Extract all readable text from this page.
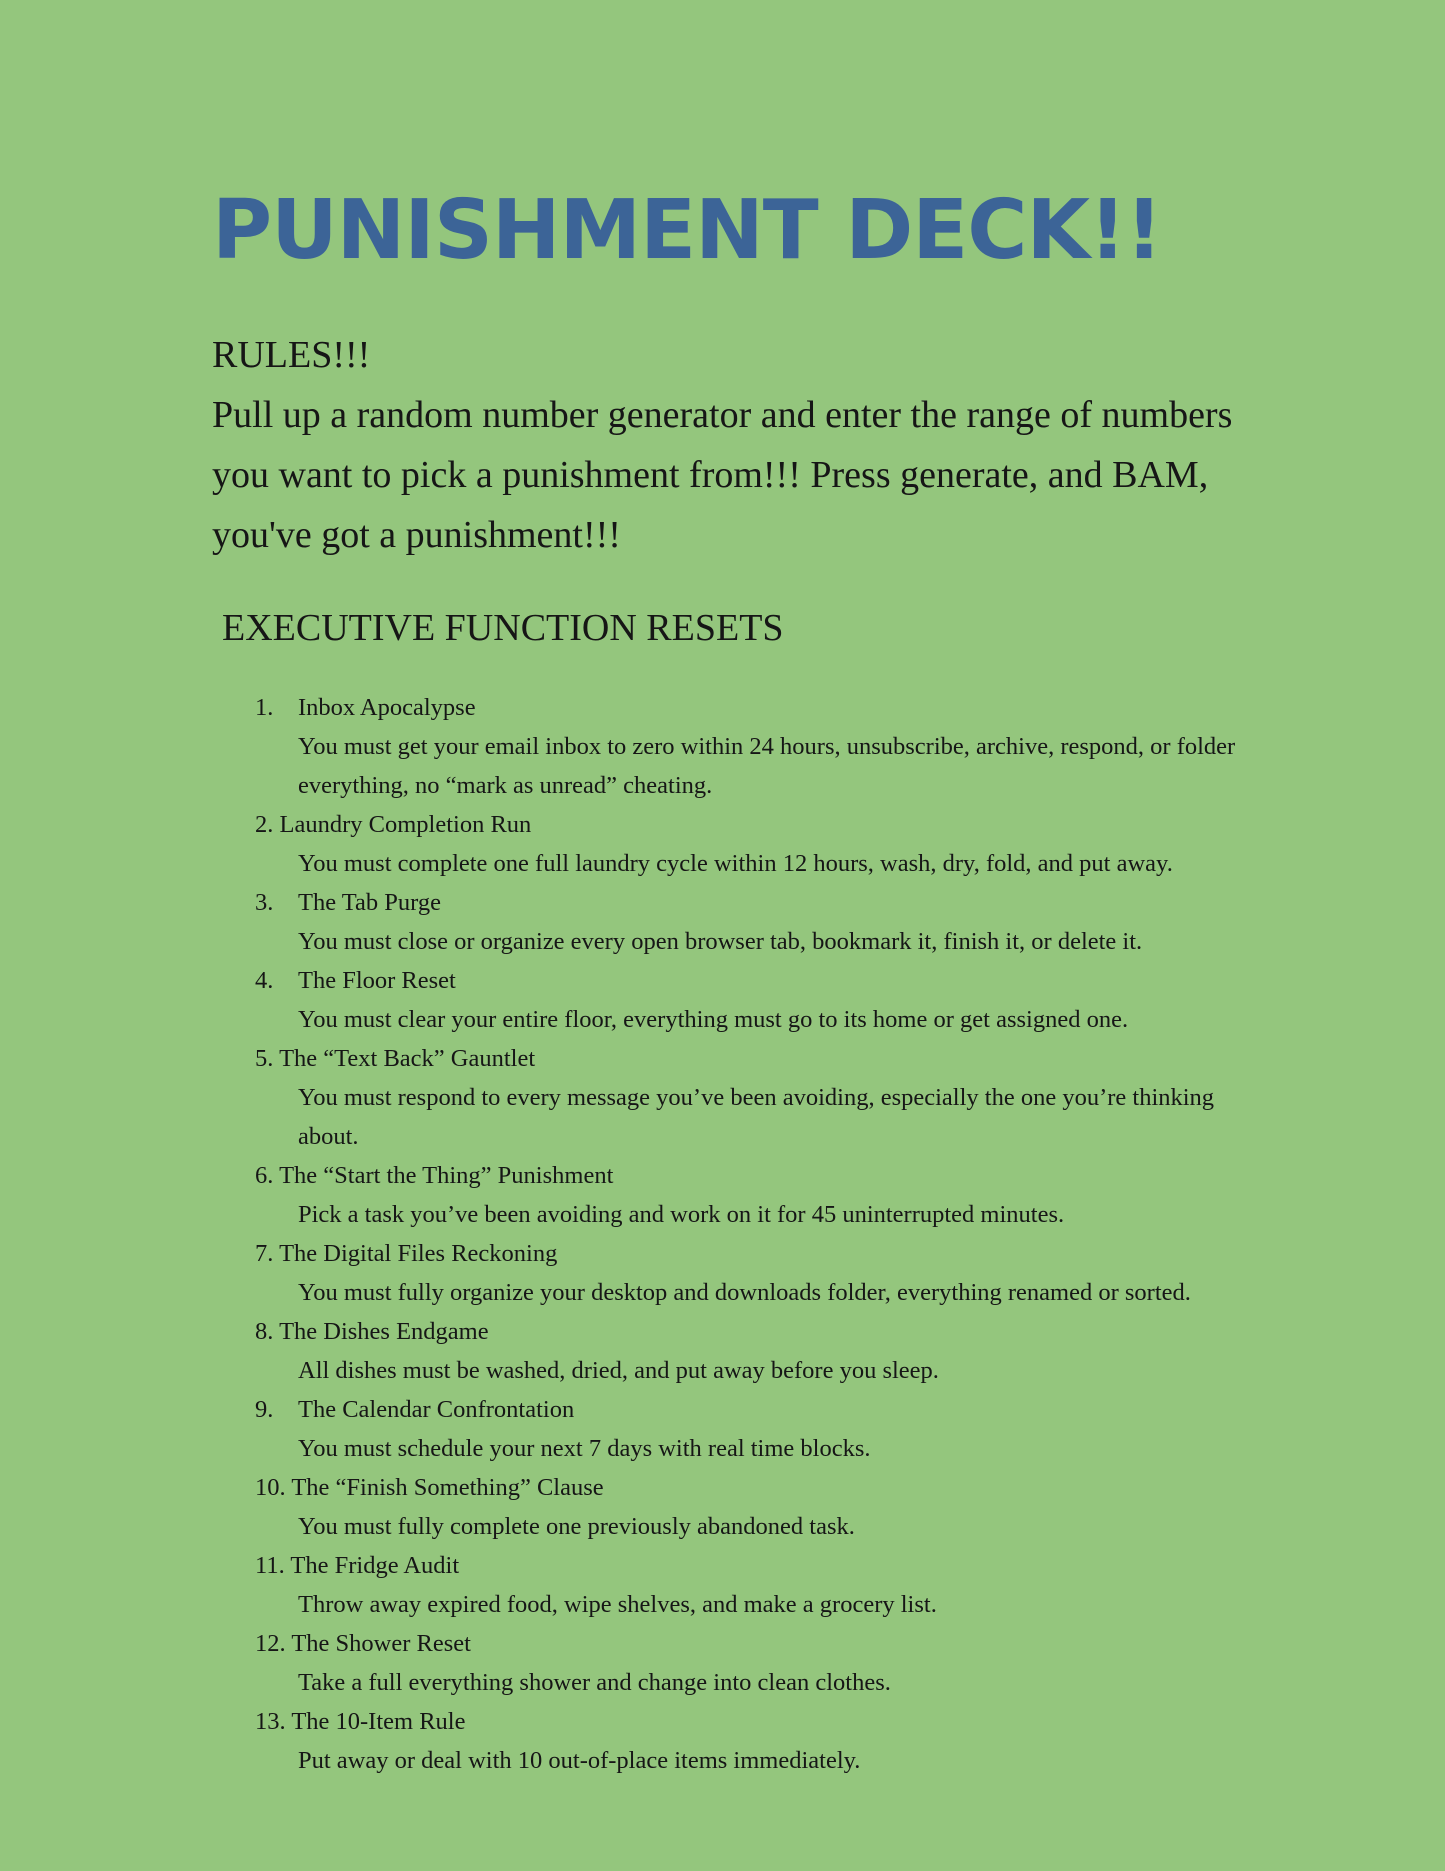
PUNISHMENT DECK!!

RULES!!!

Pull up a random number generator and enter the range of numbers you want to pick a punishment from!!! Press generate, and BAM, you've got a punishment!!!

EXECUTIVE FUNCTION RESETS
1. Inbox Apocalypse
You must get your email inbox to zero within 24 hours, unsubscribe, archive, respond, or folder everything, no “mark as unread” cheating.
2. Laundry Completion Run
You must complete one full laundry cycle within 12 hours, wash, dry, fold, and put away.
3. The Tab Purge
You must close or organize every open browser tab, bookmark it, finish it, or delete it.
4. The Floor Reset
You must clear your entire floor, everything must go to its home or get assigned one.
5. The “Text Back” Gauntlet
You must respond to every message you’ve been avoiding, especially the one you’re thinking about.
6. The “Start the Thing” Punishment
Pick a task you’ve been avoiding and work on it for 45 uninterrupted minutes.
7. The Digital Files Reckoning
You must fully organize your desktop and downloads folder, everything renamed or sorted.
8. The Dishes Endgame
All dishes must be washed, dried, and put away before you sleep.
9. The Calendar Confrontation
You must schedule your next 7 days with real time blocks.
10. The “Finish Something” Clause
You must fully complete one previously abandoned task.
11. The Fridge Audit
Throw away expired food, wipe shelves, and make a grocery list.
12. The Shower Reset
Take a full everything shower and change into clean clothes.
13. The 10-Item Rule
Put away or deal with 10 out-of-place items immediately.
